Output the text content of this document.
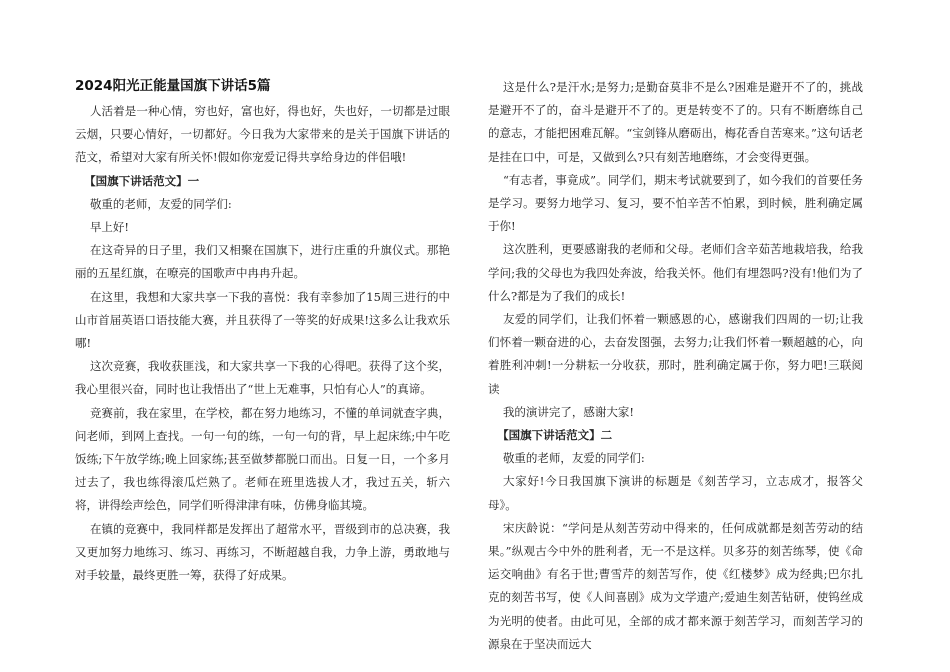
2024阳光正能量国旗下讲话5篇

人活着是一种心情，穷也好，富也好，得也好，失也好，一切都是过眼云烟，只要心情好，一切都好。今日我为大家带来的是关于国旗下讲话的范文，希望对大家有所关怀!假如你宠爱记得共享给身边的伴侣哦!

【国旗下讲话范文】一

敬重的老师，友爱的同学们:

早上好!

在这奇异的日子里，我们又相聚在国旗下，进行庄重的升旗仪式。那艳丽的五星红旗，在嘹亮的国歌声中冉冉升起。

在这里，我想和大家共享一下我的喜悦：我有幸参加了15周三进行的中山市首届英语口语技能大赛，并且获得了一等奖的好成果!这多么让我欢乐哪!

这次竞赛，我收获匪浅，和大家共享一下我的心得吧。获得了这个奖，我心里很兴奋，同时也让我悟出了“世上无难事，只怕有心人”的真谛。

竞赛前，我在家里，在学校，都在努力地练习，不懂的单词就查字典，问老师，到网上查找。一句一句的练，一句一句的背，早上起床练;中午吃饭练;下午放学练;晚上回家练;甚至做梦都脱口而出。日复一日，一个多月过去了，我也练得滚瓜烂熟了。老师在班里选拔人才，我过五关，斩六将，讲得绘声绘色，同学们听得津津有味，仿佛身临其境。

在镇的竞赛中，我同样都是发挥出了超常水平，晋级到市的总决赛，我又更加努力地练习、练习、再练习，不断超越自我，力争上游，勇敢地与对手较量，最终更胜一筹，获得了好成果。

这是什么?是汗水;是努力;是勤奋莫非不是么?困难是避开不了的，挑战是避开不了的，奋斗是避开不了的。更是转变不了的。只有不断磨练自己的意志，才能把困难瓦解。“宝剑锋从磨砺出，梅花香自苦寒来。”这句话老是挂在口中，可是，又做到么?只有刻苦地磨练，才会变得更强。

“有志者，事竟成”。同学们，期末考试就要到了，如今我们的首要任务是学习。要努力地学习、复习，要不怕辛苦不怕累，到时候，胜利确定属于你!

这次胜利，更要感谢我的老师和父母。老师们含辛茹苦地栽培我，给我学问;我的父母也为我四处奔波，给我关怀。他们有埋怨吗?没有!他们为了什么?都是为了我们的成长!

友爱的同学们，让我们怀着一颗感恩的心，感谢我们四周的一切;让我们怀着一颗奋进的心，去奋发图强，去努力;让我们怀着一颗超越的心，向着胜利冲刺!一分耕耘一分收获，那时，胜利确定属于你，努力吧!三联阅读

我的演讲完了，感谢大家!

【国旗下讲话范文】二

敬重的老师，友爱的同学们:

大家好!今日我国旗下演讲的标题是《刻苦学习，立志成才，报答父母》。

宋庆龄说：“学问是从刻苦劳动中得来的，任何成就都是刻苦劳动的结果。”纵观古今中外的胜利者，无一不是这样。贝多芬的刻苦练琴，使《命运交响曲》有名于世;曹雪芹的刻苦写作，使《红楼梦》成为经典;巴尔扎克的刻苦书写，使《人间喜剧》成为文学遗产;爱迪生刻苦钻研，使钨丝成为光明的使者。由此可见，全部的成才都来源于刻苦学习，而刻苦学习的源泉在于坚决而远大
